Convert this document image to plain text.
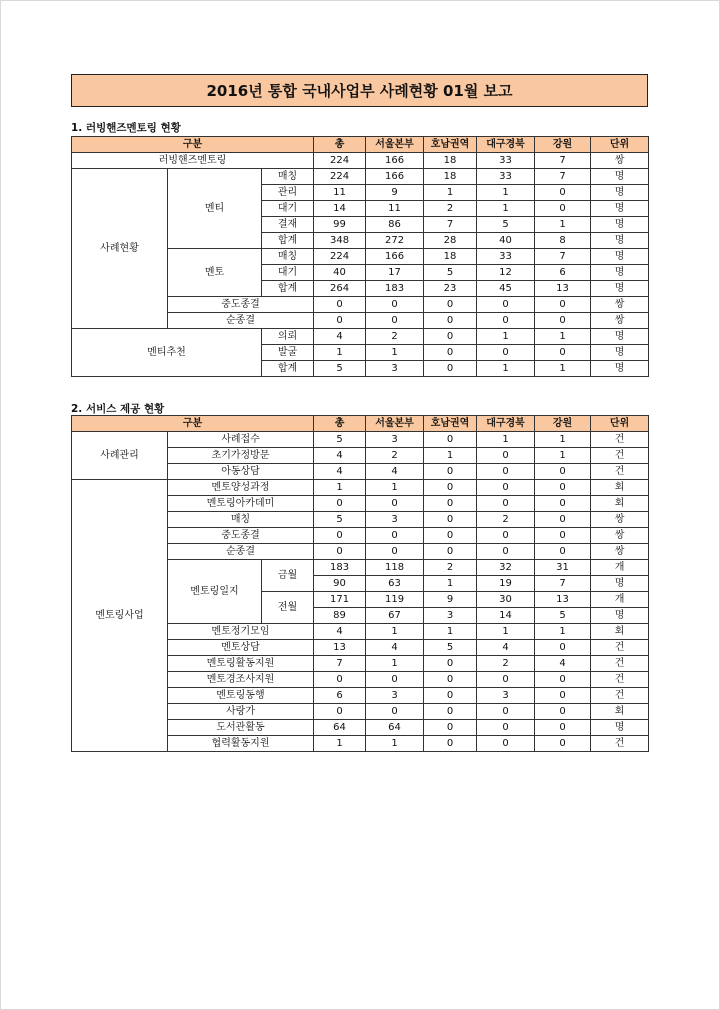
2016년 통합 국내사업부 사례현황 01월 보고
1. 러빙핸즈멘토링 현황
구분			총	서울본부	호남권역	대구경북	강원	단위
러빙핸즈멘토링			224	166	18	33	7	쌍
사례현황	멘티	매칭	224	166	18	33	7	명
		관리	11	9	1	1	0	명
		대기	14	11	2	1	0	명
		결재	99	86	7	5	1	명
		합계	348	272	28	40	8	명
	멘토	매칭	224	166	18	33	7	명
		대기	40	17	5	12	6	명
		합계	264	183	23	45	13	명
	중도종결		0	0	0	0	0	쌍
	순종결		0	0	0	0	0	쌍
멘티추천		의뢰	4	2	0	1	1	명
		발굴	1	1	0	0	0	명
		합계	5	3	0	1	1	명
2. 서비스 제공 현황
구분			총	서울본부	호남권역	대구경북	강원	단위
사례관리	사례접수		5	3	0	1	1	건
	초기가정방문		4	2	1	0	1	건
	아동상담		4	4	0	0	0	건
멘토링사업	멘토양성과정		1	1	0	0	0	회
	멘토링아카데미		0	0	0	0	0	회
	매칭		5	3	0	2	0	쌍
	중도종결		0	0	0	0	0	쌍
	순종결		0	0	0	0	0	쌍
	멘토링일지	금월	183	118	2	32	31	개
			90	63	1	19	7	명
		전월	171	119	9	30	13	개
			89	67	3	14	5	명
	멘토정기모임		4	1	1	1	1	회
	멘토상담		13	4	5	4	0	건
	멘토링활동지원		7	1	0	2	4	건
	멘토경조사지원		0	0	0	0	0	건
	멘토링동행		6	3	0	3	0	건
	사랑가		0	0	0	0	0	회
	도서관활동		64	64	0	0	0	명
	협력활동지원		1	1	0	0	0	건
